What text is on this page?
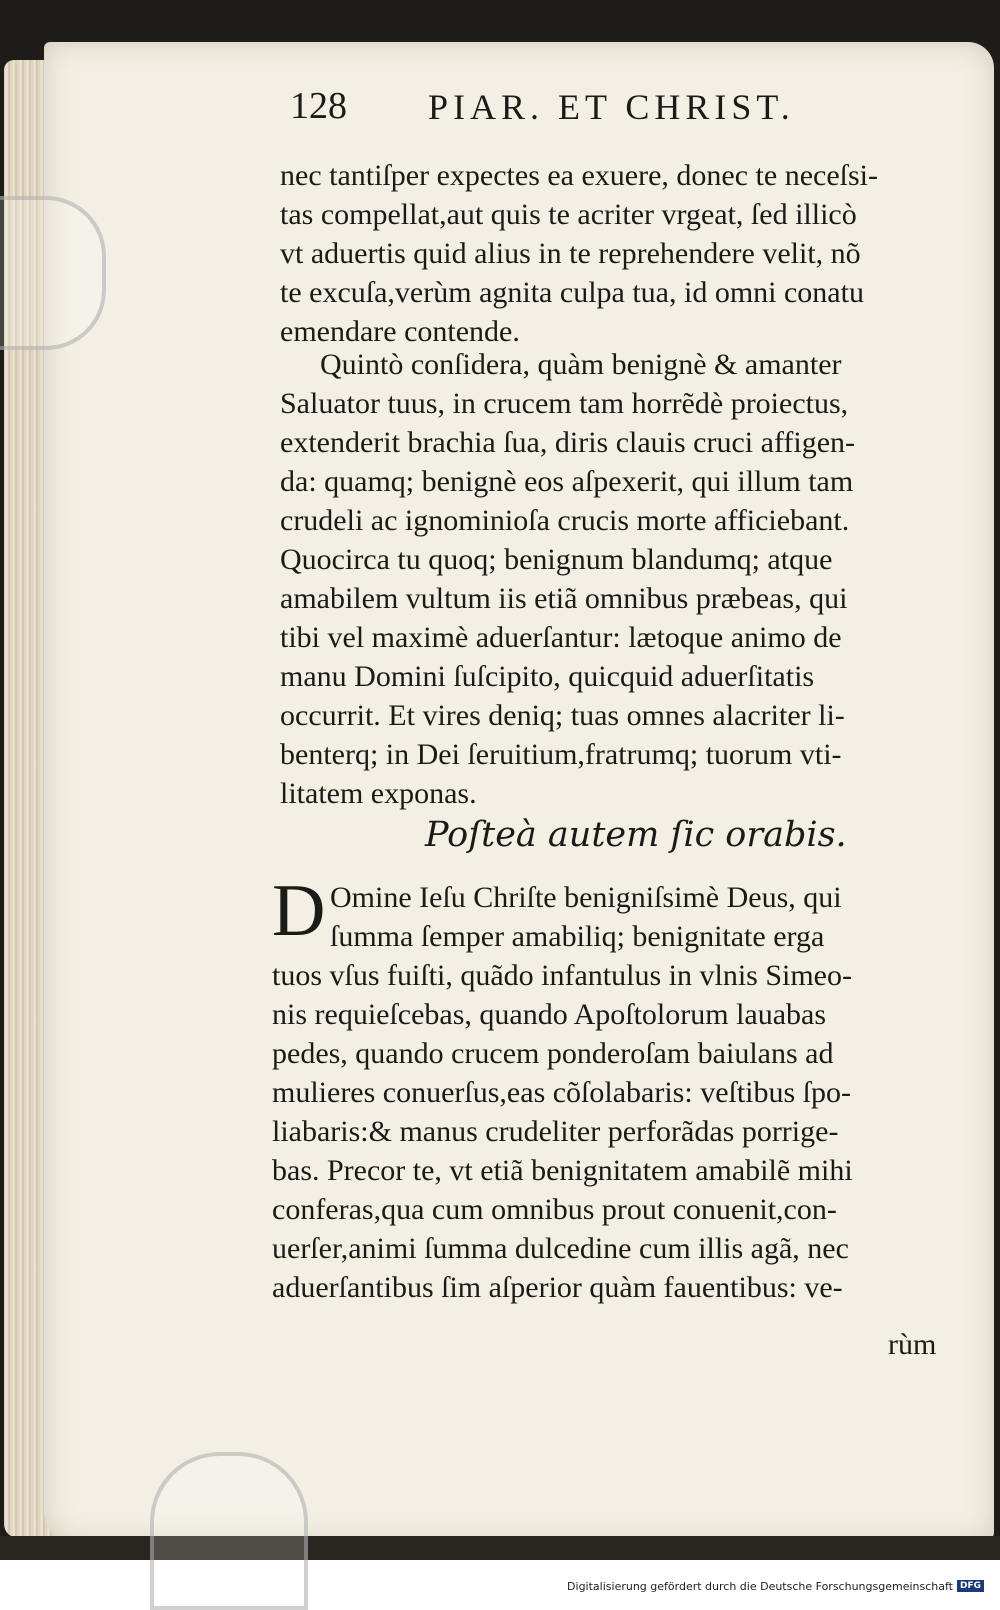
128 PIAR. ET CHRIST.
nec tantiſper expectes ea exuere, donec te neceſsi-
tas compellat,aut quis te acriter vrgeat, ſed illicò
vt aduertis quid alius in te reprehendere velit, nõ
te excuſa,verùm agnita culpa tua, id omni conatu
emendare contende.
Quintò conſidera, quàm benignè & amanter
Saluator tuus, in crucem tam horrẽdè proiectus,
extenderit brachia ſua, diris clauis cruci affigen-
da: quamq; benignè eos aſpexerit, qui illum tam
crudeli ac ignominioſa crucis morte afficiebant.
Quocirca tu quoq; benignum blandumq; atque
amabilem vultum iis etiã omnibus præbeas, qui
tibi vel maximè aduerſantur: lætoque animo de
manu Domini ſuſcipito, quicquid aduerſitatis
occurrit. Et vires deniq; tuas omnes alacriter li-
benterq; in Dei ſeruitium,fratrumq; tuorum vti-
litatem exponas.
Poſteà autem ſic orabis.
D Omine Ieſu Chriſte benigniſsimè Deus, qui
ſumma ſemper amabiliq; benignitate erga
tuos vſus fuiſti, quãdo infantulus in vlnis Simeo-
nis requieſcebas, quando Apoſtolorum lauabas
pedes, quando crucem ponderoſam baiulans ad
mulieres conuerſus,eas cõſolabaris: veſtibus ſpo-
liabaris:& manus crudeliter perforãdas porrige-
bas. Precor te, vt etiã benignitatem amabilẽ mihi
conferas,qua cum omnibus prout conuenit,con-
uerſer,animi ſumma dulcedine cum illis agã, nec
aduerſantibus ſim aſperior quàm fauentibus: ve-
rùm
Digitalisierung gefördert durch die Deutsche Forschungsgemeinschaft DFG
